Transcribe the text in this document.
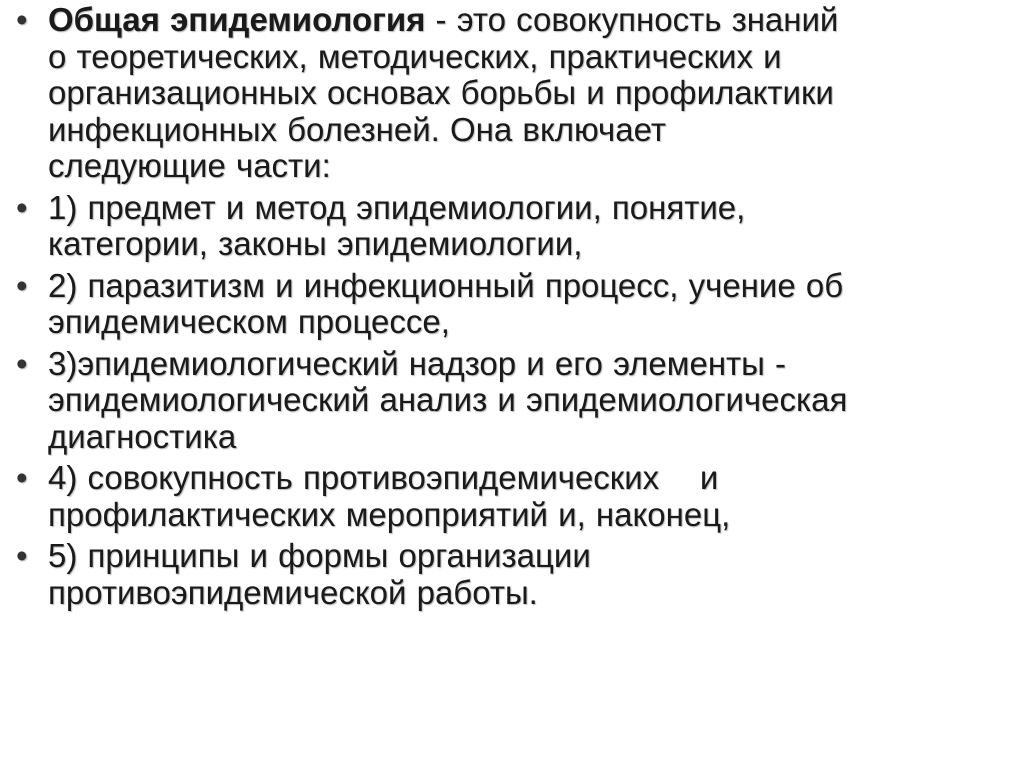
• Общая эпидемиология - это совокупность знаний
о теоретических, методических, практических и
организационных основах борьбы и профилактики
инфекционных болезней. Она включает
следующие части:
• 1) предмет и метод эпидемиологии, понятие,
категории, законы эпидемиологии,
• 2) паразитизм и инфекционный процесс, учение об
эпидемическом процессе,
• 3)эпидемиологический надзор и его элементы -
эпидемиологический анализ и эпидемиологическая
диагностика
• 4) совокупность противоэпидемических    и
профилактических мероприятий и, наконец,
• 5) принципы и формы организации
противоэпидемической работы.
